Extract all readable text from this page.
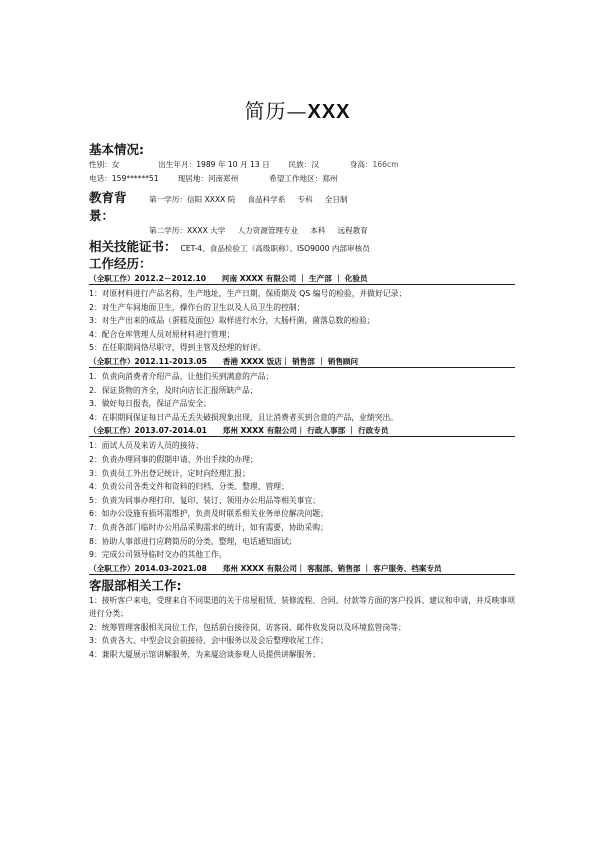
简历—XXX
基本情况:
性别：女	出生年月：1989 年 10 月 13 日 民族：汉	身高：166cm
电话：159******51 现居地：河南郑州	希望工作地区：郑州
教育背景：
第一学历：信阳 XXXX 院     食品科学系     专科     全日制
第二学历：XXXX 大学     人力资源管理专业     本科     远程教育
相关技能证书： CET-4、食品检验工（高级职称）、ISO9000 内部审核员
工作经历：
（全职工作）2012.2－2012.10      河南 XXXX 有限公司 ｜ 生产部 ｜ 化验员
1：对原材料进行产品名称，生产地址，生产日期，保质期及 QS 编号的检验，并做好记录；
2：对生产车间地面卫生，操作台的卫生以及人员卫生的控制；
3：对生产出来的成品（蛋糕及面包）取样进行水分，大肠杆菌，菌落总数的检验；
4：配合仓库管理人员对原材料进行管理；
5：在任职期间恪尽职守，得到主管及经理的好评。
（全职工作）2012.11-2013.05      香港 XXXX 饭店｜ 销售部 ｜ 销售顾问
1．负责向消费者介绍产品，让他们买到满意的产品；
2．保证货物的齐全，及时向店长汇报所缺产品；
3．做好每日报表，保证产品安全；
4：在职期间保证每日产品无丢失破损现象出现，且让消费者买到合意的产品，业绩突出。
（全职工作）2013.07-2014.01      郑州 XXXX 有限公司｜ 行政人事部 ｜ 行政专员
1：面试人员及来访人员的接待；
2：负责办理同事的假期申请、外出手续的办理；
3：负责员工外出登记统计，定时向经理汇报；
4：负责公司各类文件和资料的归档、分类、整理、管理；
5：负责为同事办理打印、复印、装订、领用办公用品等相关事宜；
6：如办公设施有损坏需维护，负责及时联系相关业务单位解决问题；
7：负责各部门临时办公用品采购需求的统计，如有需要，协助采购；
8：协助人事部进行应聘简历的分类、整理，电话通知面试；
9：完成公司领导临时交办的其他工作。
（全职工作）2014.03-2021.08      郑州 XXXX 有限公司｜ 客服部、销售部 ｜ 客户服务、档案专员
客服部相关工作:
1：接听客户来电，受理来自不同渠道的关于房屋租赁、装修流程、合同、付款等方面的客户投诉、建议和申请，并反映事项进行分类；
2：统筹管理客服相关岗位工作，包括前台接待岗、访客岗、邮件收发岗以及环境监管岗等；
3：负责各大、中型会议会前接待、会中服务以及会后整理收尾工作；
4：兼职大厦展示馆讲解服务，为来厦洽谈参观人员提供讲解服务；
